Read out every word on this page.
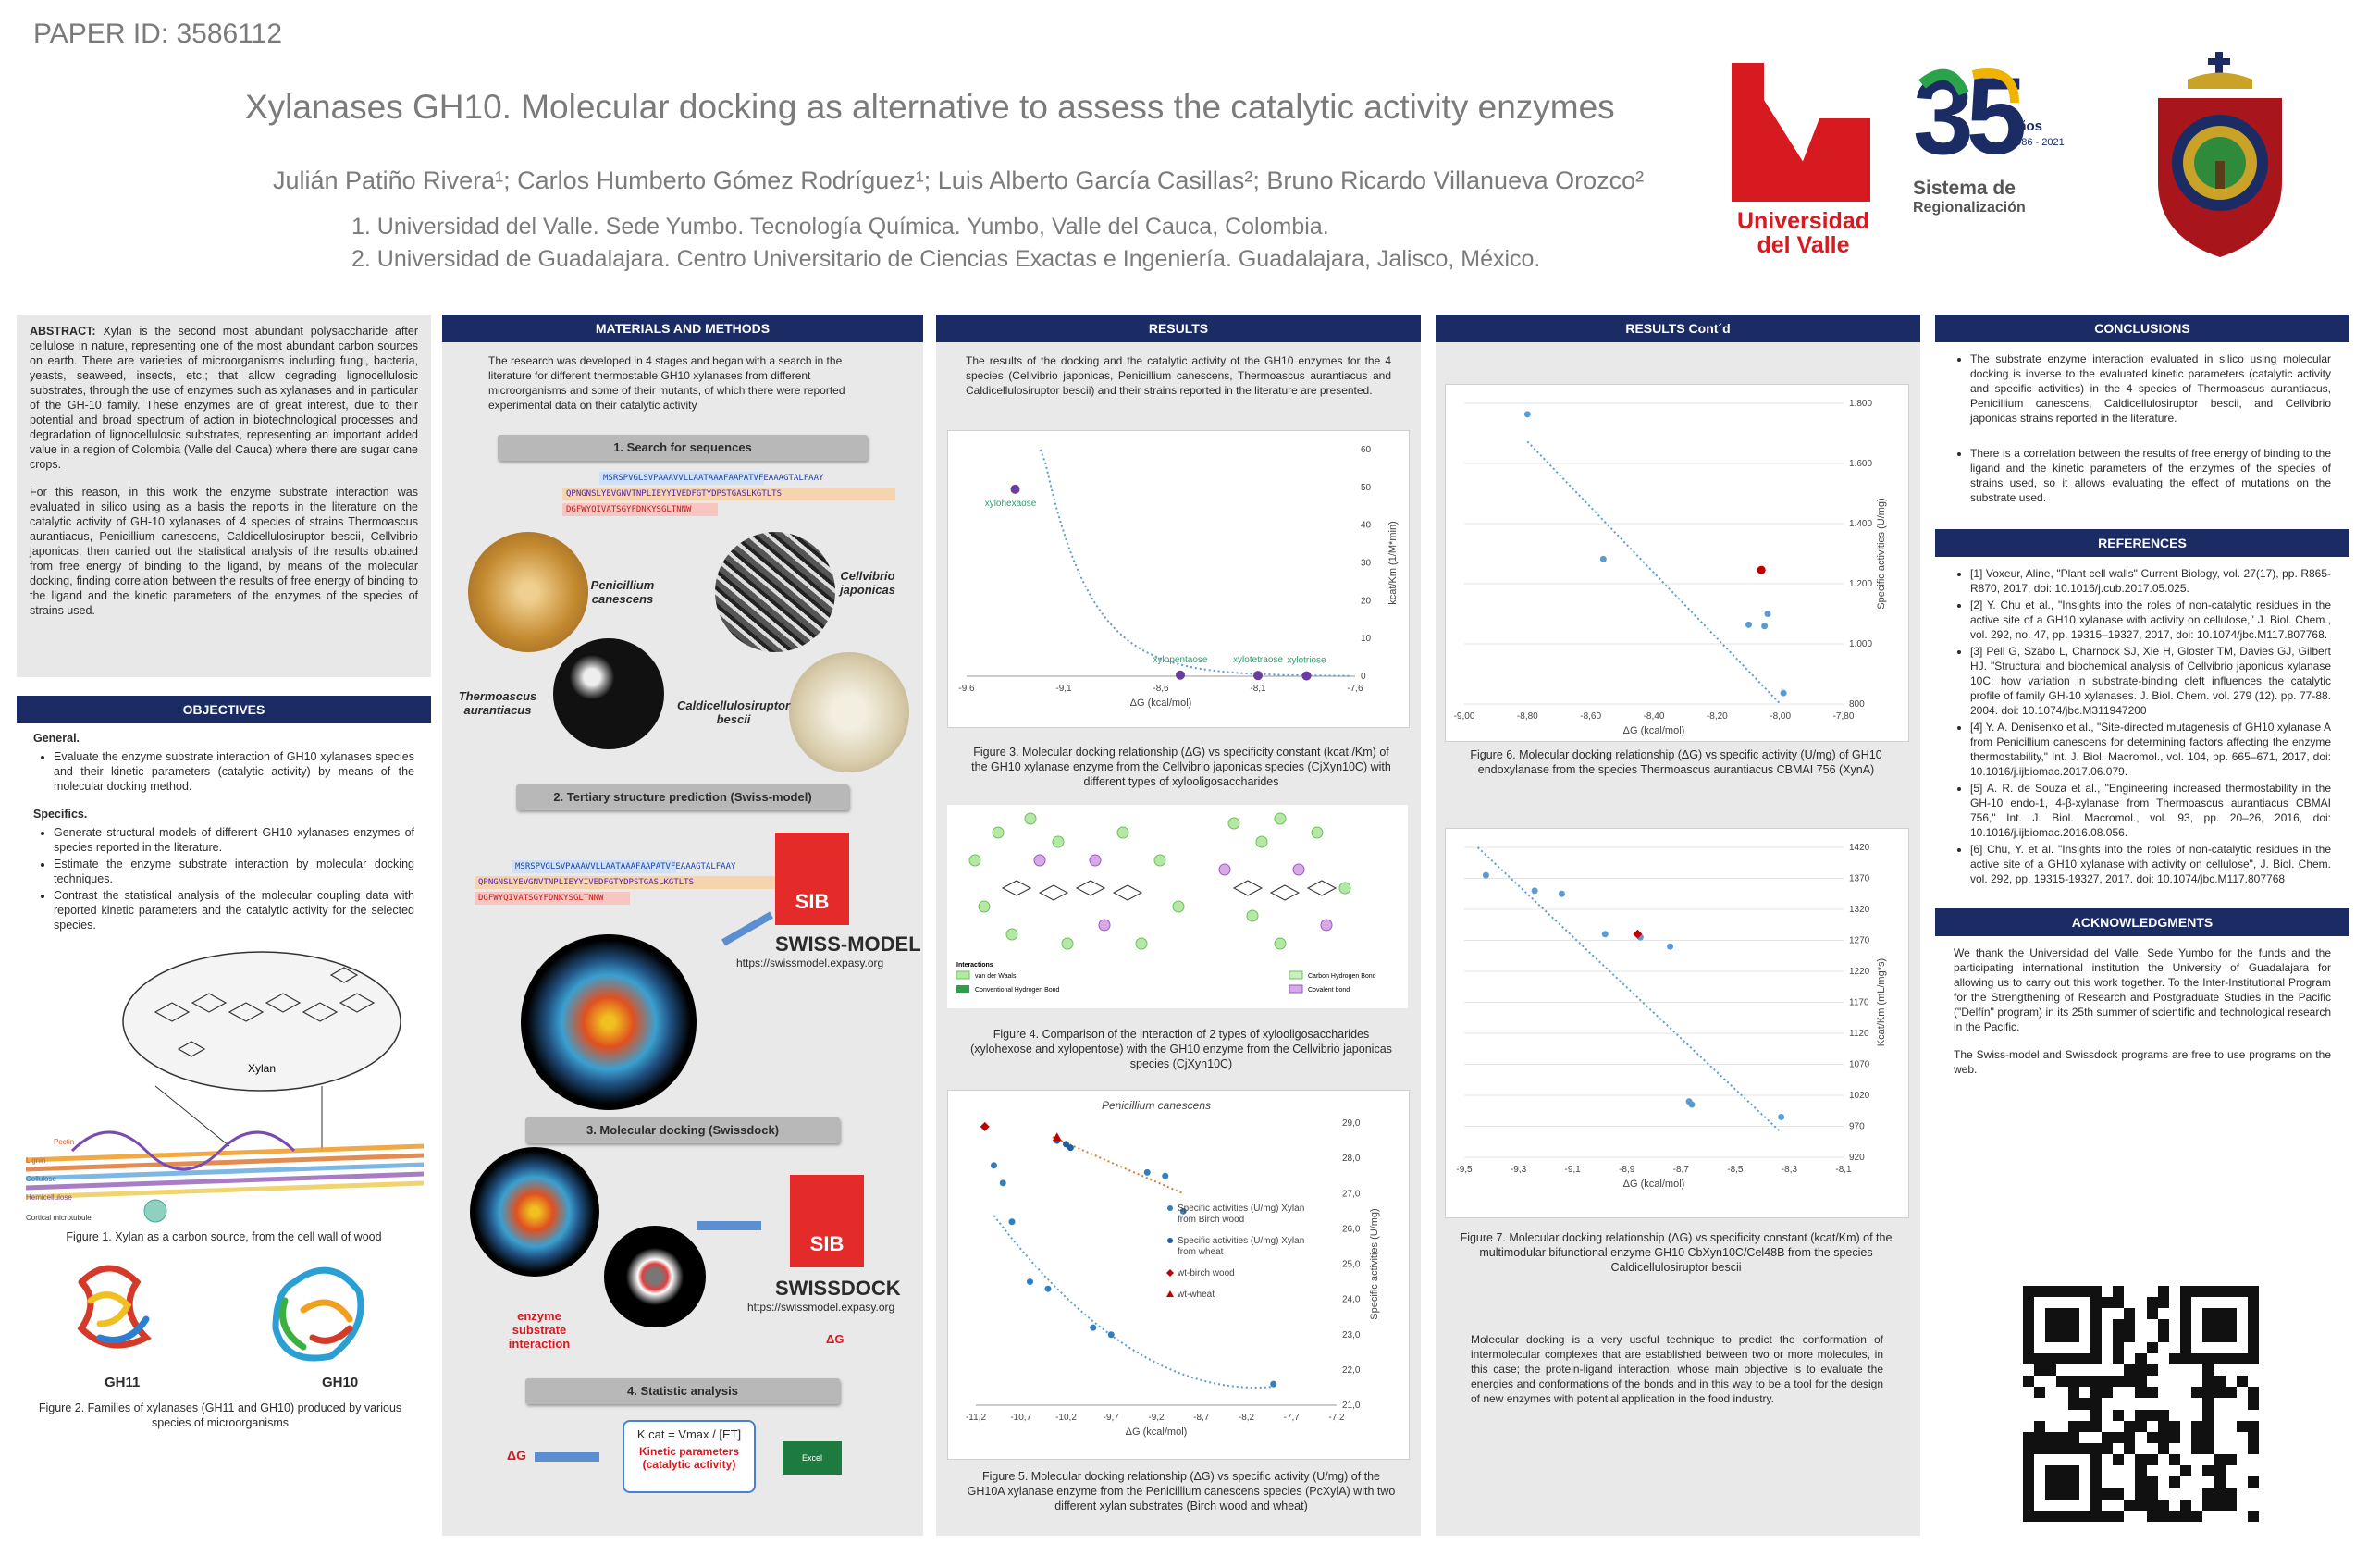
PAPER ID: 3586112
Xylanases GH10. Molecular docking as alternative to assess the catalytic activity enzymes
Julián Patiño Rivera¹; Carlos Humberto Gómez Rodríguez¹; Luis Alberto García Casillas²; Bruno Ricardo Villanueva Orozco²
1. Universidad del Valle. Sede Yumbo. Tecnología Química. Yumbo, Valle del Cauca, Colombia.
2. Universidad de Guadalajara. Centro Universitario de Ciencias Exactas e Ingeniería. Guadalajara, Jalisco, México.
Universidad
del Valle
35
años
1986 - 2021
Sistema de
Regionalización

ABSTRACT: Xylan is the second most abundant polysaccharide after cellulose in nature, representing one of the most abundant carbon sources on earth. There are varieties of microorganisms including fungi, bacteria, yeasts, seaweed, insects, etc.; that allow degrading lignocellulosic substrates, through the use of enzymes such as xylanases and in particular of the GH-10 family. These enzymes are of great interest, due to their potential and broad spectrum of action in biotechnological processes and degradation of lignocellulosic substrates, representing an important added value in a region of Colombia (Valle del Cauca) where there are sugar cane crops.

For this reason, in this work the enzyme substrate interaction was evaluated in silico using as a basis the reports in the literature on the catalytic activity of GH-10 xylanases of 4 species of strains Thermoascus aurantiacus, Penicillium canescens, Caldicellulosiruptor bescii, Cellvibrio japonicas, then carried out the statistical analysis of the results obtained from free energy of binding to the ligand, by means of the molecular docking, finding correlation between the results of free energy of binding to the ligand and the kinetic parameters of the enzymes of the species of strains used.

OBJECTIVES
General.
• Evaluate the enzyme substrate interaction of GH10 xylanases species and their kinetic parameters (catalytic activity) by means of the molecular docking method.
Specifics.
• Generate structural models of different GH10 xylanases enzymes of species reported in the literature.
• Estimate the enzyme substrate interaction by molecular docking techniques.
• Contrast the statistical analysis of the molecular coupling data with reported kinetic parameters and the catalytic activity for the selected species.
Xylan
Pectin
Lignin
Cellulose
Hemicellulose
Cortical microtubule
Figure 1. Xylan as a carbon source, from the cell wall of wood
GH11	GH10
Figure 2. Families of xylanases (GH11 and GH10) produced by various species of microorganisms
MATERIALS AND METHODS
The research was developed in 4 stages and began with a search in the literature for different thermostable GH10 xylanases from different microorganisms and some of their mutants, of which there were reported experimental data on their catalytic activity
1. Search for sequences
MSRSPVGLSVPAAAVVLLAATAAAFAAPATVFEAAAGTALFAAY
QPNGNSLYEVGNVTNPLIEYYIVEDFGTYDPSTGASLKGTLTS
DGFWYQIVATSGYFDNKYSGLTNNW
Penicillium canescens
Cellvibrio japonicas
Thermoascus aurantiacus	Caldicellulosiruptor bescii
2. Tertiary structure prediction (Swiss-model)
MSRSPVGLSVPAAAVVLLAATAAAFAAPATVFEAAAGTALFAAY
QPNGNSLYEVGNVTNPLIEYYIVEDFGTYDPSTGASLKGTLTS
DGFWYQIVATSGYFDNKYSGLTNNW	SIB
SWISS-MODEL
https://swissmodel.expasy.org
3. Molecular docking (Swissdock)
enzyme substrate interaction
SIB
SWISSDOCK
https://swissmodel.expasy.org
ΔG
4. Statistic analysis
ΔG
K cat = Vmax / [ET]
Kinetic parameters (catalytic activity)	Excel
RESULTS
The results of the docking and the catalytic activity of the GH10 enzymes for the 4 species (Cellvibrio japonicas, Penicillium canescens, Thermoascus aurantiacus and Caldicellulosiruptor bescii) and their strains reported in the literature are presented.
-9,6	-9,1	-8,6	-8,1	-7,6
0
10
20
30
40
50
60
ΔG (kcal/mol)
kcat/Km (1/M*min)
xylohexaose
xylopentaose	xylotetraose xylotriose
Figure 3. Molecular docking relationship (ΔG) vs specificity constant (kcat /Km) of the GH10 xylanase enzyme from the Cellvibrio japonicas species (CjXyn10C) with different types of xylooligosaccharides
Interactions
van der Waals
Conventional Hydrogen Bond
Carbon Hydrogen Bond
Covalent bond
Figure 4. Comparison of the interaction of 2 types of xylooligosaccharides (xylohexose and xylopentose) with the GH10 enzyme from the Cellvibrio japonicas species (CjXyn10C)
-11,2	-10,7	-10,2	-9,7	-9,2	-8,7	-8,2	-7,7	-7,2
21,0
22,0
23,0
24,0
25,0
26,0
27,0
28,0
29,0
ΔG (kcal/mol)
Specific activities (U/mg)
Penicillium canescens
Specific activities (U/mg) Xylan
from Birch wood
Specific activities (U/mg) Xylan
from wheat
wt-birch wood
wt-wheat
Figure 5. Molecular docking relationship (ΔG) vs specific activity (U/mg) of the GH10A xylanase enzyme from the Penicillium canescens species (PcXylA) with two different xylan substrates (Birch wood and wheat)
RESULTS Cont´d
-9,00	-8,80	-8,60	-8,40	-8,20	-8,00	-7,80
800
1.000
1.200
1.400
1.600
1.800
ΔG (kcal/mol)
Specific activities (U/mg)
Figure 6. Molecular docking relationship (ΔG) vs specific activity (U/mg) of GH10 endoxylanase from the species Thermoascus aurantiacus CBMAI 756 (XynA)
-9,5	-9,3	-9,1	-8,9	-8,7	-8,5	-8,3	-8,1
920
970
1020
1070
1120
1170
1220
1270
1320
1370
1420
ΔG (kcal/mol)
Kcat/Km (mL/mg*s)
Figure 7. Molecular docking relationship (ΔG) vs specificity constant (kcat/Km) of the multimodular bifunctional enzyme GH10 CbXyn10C/Cel48B from the species Caldicellulosiruptor bescii
Molecular docking is a very useful technique to predict the conformation of intermolecular complexes that are established between two or more molecules, in this case; the protein-ligand interaction, whose main objective is to evaluate the energies and conformations of the bonds and in this way to be a tool for the design of new enzymes with potential application in the food industry.
CONCLUSIONS
• The substrate enzyme interaction evaluated in silico using molecular docking is inverse to the evaluated kinetic parameters (catalytic activity and specific activities) in the 4 species of Thermoascus aurantiacus, Penicillium canescens, Caldicellulosiruptor bescii, and Cellvibrio japonicas strains reported in the literature.
• There is a correlation between the results of free energy of binding to the ligand and the kinetic parameters of the enzymes of the species of strains used, so it allows evaluating the effect of mutations on the substrate used.
REFERENCES
• [1] Voxeur, Aline, "Plant cell walls" Current Biology, vol. 27(17), pp. R865-R870, 2017, doi: 10.1016/j.cub.2017.05.025.
• [2] Y. Chu et al., "Insights into the roles of non-catalytic residues in the active site of a GH10 xylanase with activity on cellulose," J. Biol. Chem., vol. 292, no. 47, pp. 19315–19327, 2017, doi: 10.1074/jbc.M117.807768.
• [3] Pell G, Szabo L, Charnock SJ, Xie H, Gloster TM, Davies GJ, Gilbert HJ. "Structural and biochemical analysis of Cellvibrio japonicus xylanase 10C: how variation in substrate-binding cleft influences the catalytic profile of family GH-10 xylanases. J. Biol. Chem. vol. 279 (12). pp. 77-88. 2004. doi: 10.1074/jbc.M311947200
• [4] Y. A. Denisenko et al., "Site-directed mutagenesis of GH10 xylanase A from Penicillium canescens for determining factors affecting the enzyme thermostability," Int. J. Biol. Macromol., vol. 104, pp. 665–671, 2017, doi: 10.1016/j.ijbiomac.2017.06.079.
• [5] A. R. de Souza et al., "Engineering increased thermostability in the GH-10 endo-1, 4-β-xylanase from Thermoascus aurantiacus CBMAI 756," Int. J. Biol. Macromol., vol. 93, pp. 20–26, 2016, doi: 10.1016/j.ijbiomac.2016.08.056.
• [6] Chu, Y. et al. "Insights into the roles of non-catalytic residues in the active site of a GH10 xylanase with activity on cellulose", J. Biol. Chem. vol. 292, pp. 19315-19327, 2017. doi: 10.1074/jbc.M117.807768
ACKNOWLEDGMENTS

We thank the Universidad del Valle, Sede Yumbo for the funds and the participating international institution the University of Guadalajara for allowing us to carry out this work together. To the Inter-Institutional Program for the Strengthening of Research and Postgraduate Studies in the Pacific ("Delfín" program) in its 25th summer of scientific and technological research in the Pacific.

The Swiss-model and Swissdock programs are free to use programs on the web.
